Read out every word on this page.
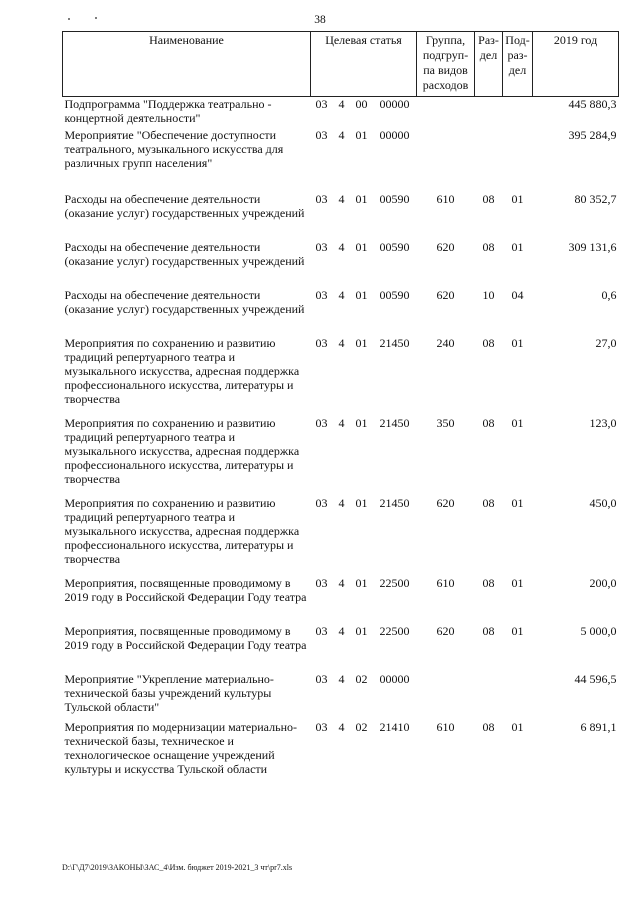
38
Наименование	Целевая статья				Группа, подгруп-па видов расходов	Раз-дел	Под-раз-дел	2019 год
Подпрограмма "Поддержка театрально - концертной деятельности"	03	4	00	00000				445 880,3
Мероприятие "Обеспечение доступности театрального, музыкального искусства для различных групп населения"	03	4	01	00000				395 284,9
Расходы на обеспечение деятельности (оказание услуг) государственных учреждений	03	4	01	00590	610	08	01	80 352,7
Расходы на обеспечение деятельности (оказание услуг) государственных учреждений	03	4	01	00590	620	08	01	309 131,6
Расходы на обеспечение деятельности (оказание услуг) государственных учреждений	03	4	01	00590	620	10	04	0,6
Мероприятия по сохранению и развитию традиций репертуарного театра и музыкального искусства, адресная поддержка профессионального искусства, литературы и творчества	03	4	01	21450	240	08	01	27,0
Мероприятия по сохранению и развитию традиций репертуарного театра и музыкального искусства, адресная поддержка профессионального искусства, литературы и творчества	03	4	01	21450	350	08	01	123,0
Мероприятия по сохранению и развитию традиций репертуарного театра и музыкального искусства, адресная поддержка профессионального искусства, литературы и творчества	03	4	01	21450	620	08	01	450,0
Мероприятия, посвященные проводимому в 2019 году в Российской Федерации Году театра	03	4	01	22500	610	08	01	200,0
Мероприятия, посвященные проводимому в 2019 году в Российской Федерации Году театра	03	4	01	22500	620	08	01	5 000,0
Мероприятие "Укрепление материально-технической базы учреждений культуры Тульской области"	03	4	02	00000				44 596,5
Мероприятия по модернизации материально-технической базы, техническое и технологическое оснащение учреждений культуры и искусства Тульской области	03	4	02	21410	610	08	01	6 891,1
D:\Г\Д7\2019\ЗАКОНЫ\ЗАС_4\Изм. бюджет 2019-2021_3 чт\pr7.xls
